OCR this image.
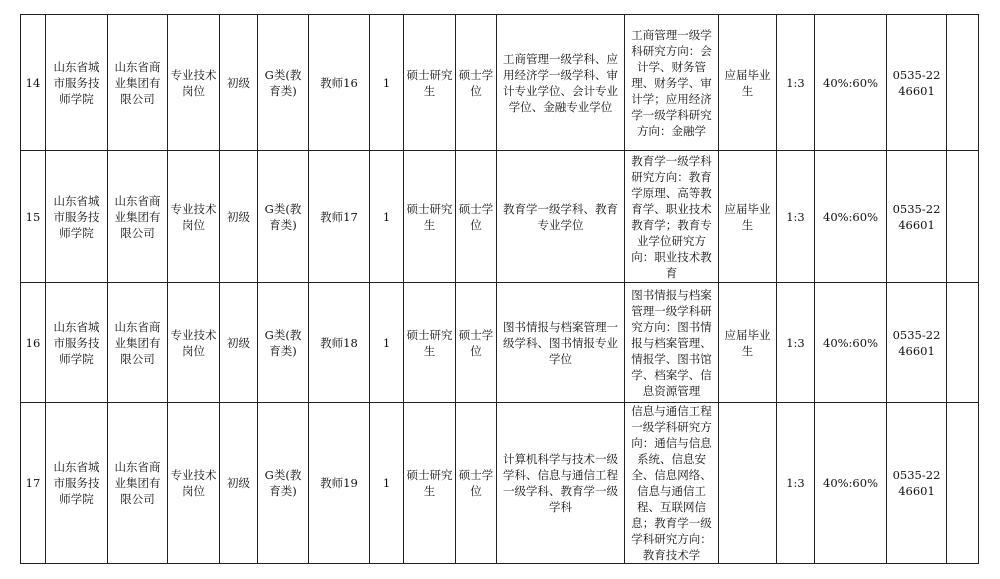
14	山东省城市服务技师学院	山东省商业集团有限公司	专业技术岗位	初级	G类(教育类)	教师16	1	硕士研究生	硕士学位	工商管理一级学科、应用经济学一级学科、审计专业学位、会计专业学位、金融专业学位	工商管理一级学科研究方向：会计学、财务管理、财务学、审计学；应用经济学一级学科研究方向：金融学	应届毕业生	1:3	40%:60%	0535-2246601	
15	山东省城市服务技师学院	山东省商业集团有限公司	专业技术岗位	初级	G类(教育类)	教师17	1	硕士研究生	硕士学位	教育学一级学科、教育专业学位	教育学一级学科研究方向：教育学原理、高等教育学、职业技术教育学；教育专业学位研究方向：职业技术教育	应届毕业生	1:3	40%:60%	0535-2246601	
16	山东省城市服务技师学院	山东省商业集团有限公司	专业技术岗位	初级	G类(教育类)	教师18	1	硕士研究生	硕士学位	图书情报与档案管理一级学科、图书情报专业学位	图书情报与档案管理一级学科研究方向：图书情报与档案管理、情报学、图书馆学、档案学、信息资源管理	应届毕业生	1:3	40%:60%	0535-2246601	
17	山东省城市服务技师学院	山东省商业集团有限公司	专业技术岗位	初级	G类(教育类)	教师19	1	硕士研究生	硕士学位	计算机科学与技术一级学科、信息与通信工程一级学科、教育学一级学科	信息与通信工程一级学科研究方向：通信与信息系统、信息安全、信息网络、信息与通信工程、互联网信息；教育学一级学科研究方向：教育技术学		1:3	40%:60%	0535-2246601	
